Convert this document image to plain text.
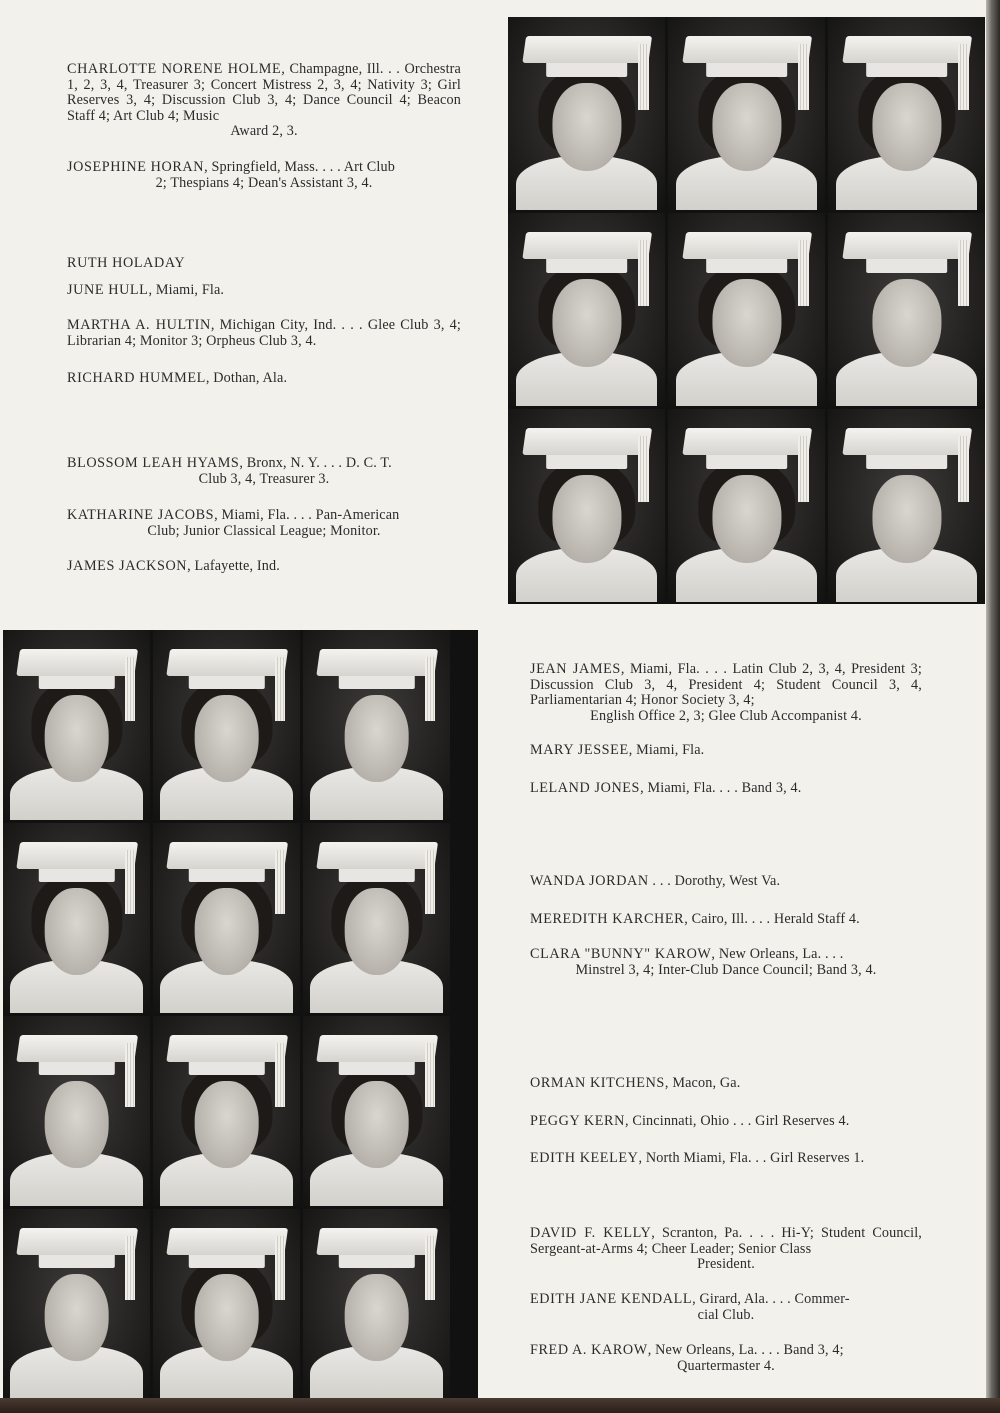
CHARLOTTE NORENE HOLME, Champagne, Ill. . . Orchestra 1, 2, 3, 4, Treasurer 3; Concert Mistress 2, 3, 4; Nativity 3; Girl Reserves 3, 4; Discussion Club 3, 4; Dance Council 4; Beacon Staff 4; Art Club 4; Music
Award 2, 3.
JOSEPHINE HORAN, Springfield, Mass. . . . Art Club
2; Thespians 4; Dean's Assistant 3, 4.
RUTH HOLADAY
JUNE HULL, Miami, Fla.
MARTHA A. HULTIN, Michigan City, Ind. . . . Glee Club 3, 4; Librarian 4; Monitor 3; Orpheus Club 3, 4.
RICHARD HUMMEL, Dothan, Ala.
BLOSSOM LEAH HYAMS, Bronx, N. Y. . . . D. C. T.
Club 3, 4, Treasurer 3.
KATHARINE JACOBS, Miami, Fla. . . . Pan-American
Club; Junior Classical League; Monitor.
JAMES JACKSON, Lafayette, Ind.
JEAN JAMES, Miami, Fla. . . . Latin Club 2, 3, 4, President 3; Discussion Club 3, 4, President 4; Student Council 3, 4, Parliamentarian 4; Honor Society 3, 4;
English Office 2, 3; Glee Club Accompanist 4.
MARY JESSEE, Miami, Fla.
LELAND JONES, Miami, Fla. . . . Band 3, 4.
WANDA JORDAN . . . Dorothy, West Va.
MEREDITH KARCHER, Cairo, Ill. . . . Herald Staff 4.
CLARA "BUNNY" KAROW, New Orleans, La. . . .
Minstrel 3, 4; Inter-Club Dance Council; Band 3, 4.
ORMAN KITCHENS, Macon, Ga.
PEGGY KERN, Cincinnati, Ohio . . . Girl Reserves 4.
EDITH KEELEY, North Miami, Fla. . . Girl Reserves 1.
DAVID F. KELLY, Scranton, Pa. . . . Hi-Y; Student Council, Sergeant-at-Arms 4; Cheer Leader; Senior Class
President.
EDITH JANE KENDALL, Girard, Ala. . . . Commer-
cial Club.
FRED A. KAROW, New Orleans, La. . . . Band 3, 4;
Quartermaster 4.
